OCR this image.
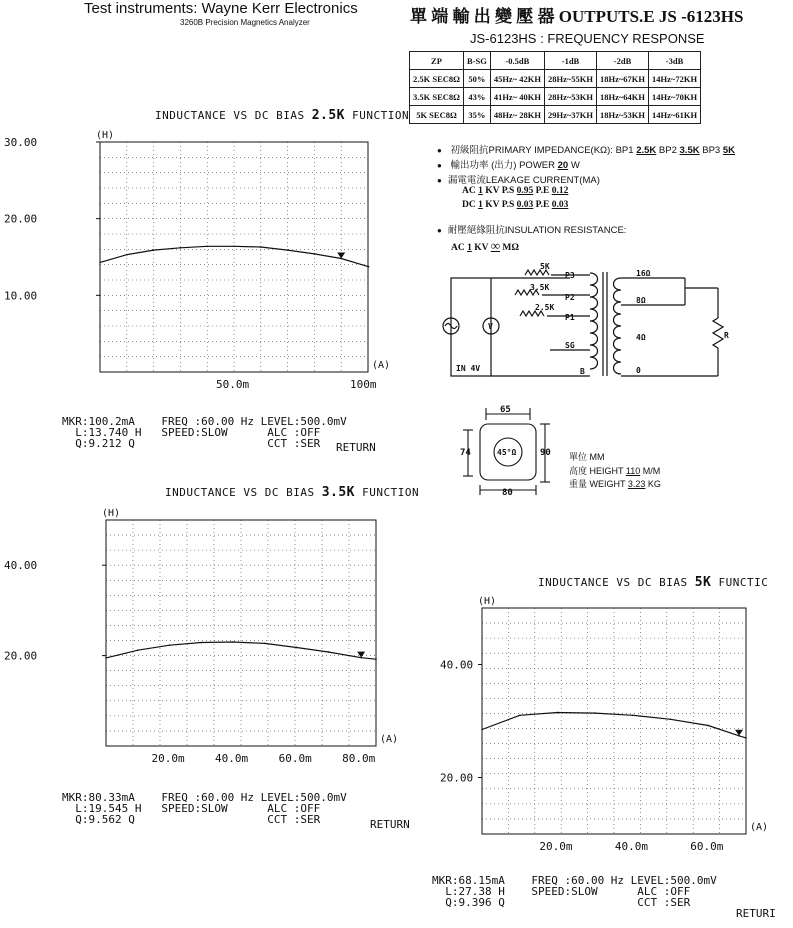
Test instruments: Wayne Kerr Electronics
3260B Precision Magnetics Analyzer	單 端 輸 出 變 壓 器 OUTPUTS.E JS -6123HS
JS-6123HS : FREQUENCY RESPONSE
ZP	B-SG	-0.5dB	-1dB	-2dB	-3dB
2.5K SEC8Ω	50%	45Hz~ 42KH	28Hz~55KH	18Hz~67KH	14Hz~72KH
3.5K SEC8Ω	43%	41Hz~ 40KH	28Hz~53KH	18Hz~64KH	14Hz~70KH
5K SEC8Ω	35%	48Hz~ 28KH	29Hz~37KH	18Hz~53KH	14Hz~61KH
● 初級阻抗PRIMARY IMPEDANCE(KΩ): BP1 2.5K BP2 3.5K BP3 5K
● 輸出功率 (出力) POWER 20 W
● 漏電電流LEAKAGE CURRENT(MA)
AC 1 KV P.S 0.95 P.E 0.12
DC 1 KV P.S 0.03 P.E 0.03
● 耐壓絕緣阻抗INSULATION RESISTANCE:
AC 1 KV ∞ MΩ
5K
P3
3.5K
P2
2.5K
P1
SG
B
16Ω
8Ω
4Ω
0
R
IN 4V
V
65
74	45°Ω	90
80
單位 MM
高度 HEIGHT 110 M/M
重量 WEIGHT 3.23 KG
INDUCTANCE VS DC BIAS 2.5K FUNCTION
30.00
20.00
10.00
50.0m	100m
(H)
(A)
MKR:100.2mA    FREQ :60.00 Hz LEVEL:500.0mV
L:13.740 H   SPEED:SLOW      ALC :OFF
Q:9.212 Q                    CCT :SER	RETURN
INDUCTANCE VS DC BIAS 3.5K FUNCTION
40.00
20.00
20.0m	40.0m	60.0m	80.0m
(H)
(A)
MKR:80.33mA    FREQ :60.00 Hz LEVEL:500.0mV
L:19.545 H   SPEED:SLOW      ALC :OFF
Q:9.562 Q                    CCT :SER	RETURN
INDUCTANCE VS DC BIAS 5K FUNCTIC
40.00
20.00
20.0m	40.0m	60.0m
(H)
(A)
MKR:68.15mA    FREQ :60.00 Hz LEVEL:500.0mV
L:27.38 H    SPEED:SLOW      ALC :OFF
Q:9.396 Q                    CCT :SER
RETURI
